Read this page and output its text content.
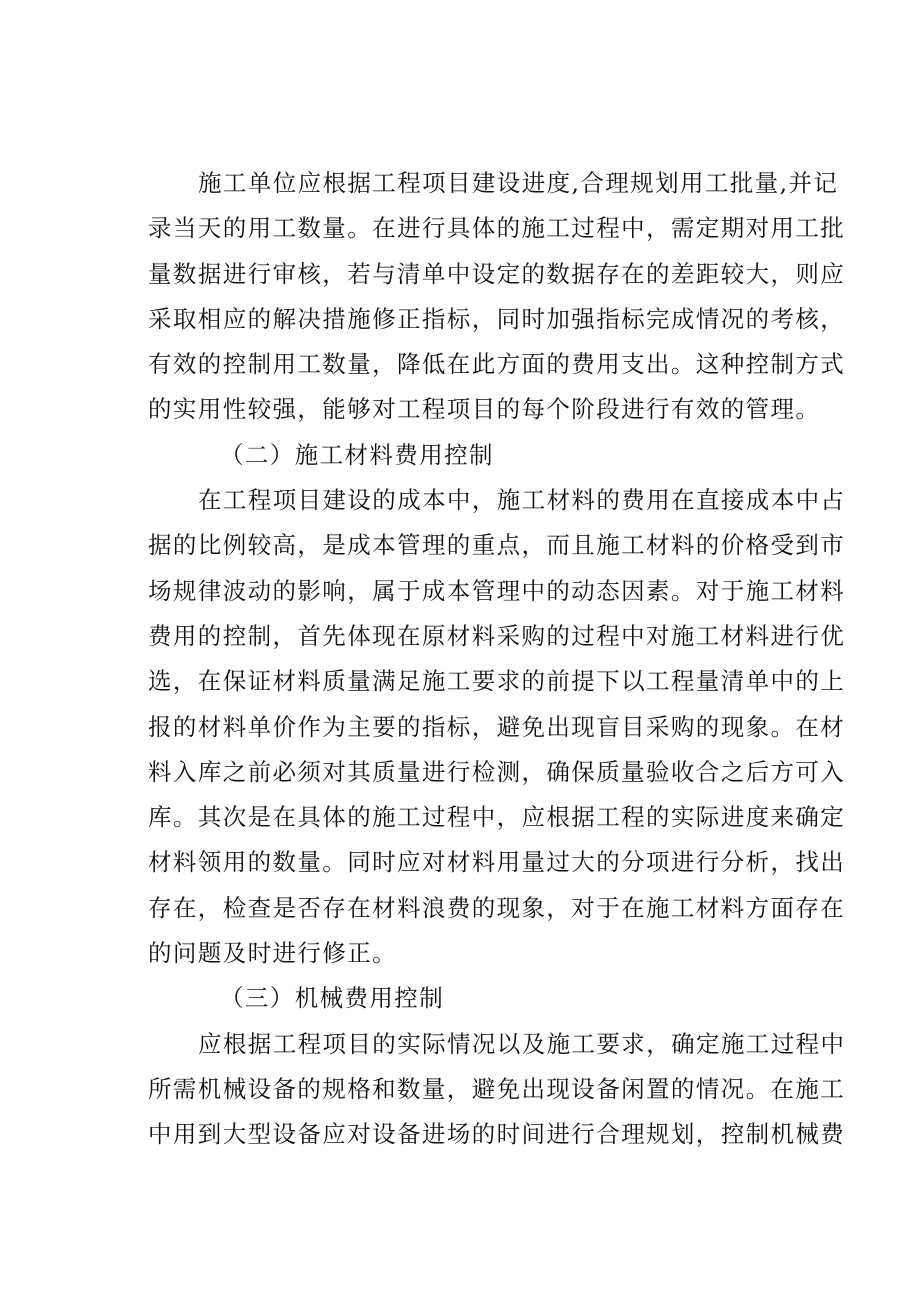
施工单位应根据工程项目建设进度,合理规划用工批量,并记
录当天的用工数量。在进行具体的施工过程中，需定期对用工批
量数据进行审核，若与清单中设定的数据存在的差距较大，则应
采取相应的解决措施修正指标，同时加强指标完成情况的考核，
有效的控制用工数量，降低在此方面的费用支出。这种控制方式
的实用性较强，能够对工程项目的每个阶段进行有效的管理。
（二）施工材料费用控制
在工程项目建设的成本中，施工材料的费用在直接成本中占
据的比例较高，是成本管理的重点，而且施工材料的价格受到市
场规律波动的影响，属于成本管理中的动态因素。对于施工材料
费用的控制，首先体现在原材料采购的过程中对施工材料进行优
选，在保证材料质量满足施工要求的前提下以工程量清单中的上
报的材料单价作为主要的指标，避免出现盲目采购的现象。在材
料入库之前必须对其质量进行检测，确保质量验收合之后方可入
库。其次是在具体的施工过程中，应根据工程的实际进度来确定
材料领用的数量。同时应对材料用量过大的分项进行分析，找出
存在，检查是否存在材料浪费的现象，对于在施工材料方面存在
的问题及时进行修正。
（三）机械费用控制
应根据工程项目的实际情况以及施工要求，确定施工过程中
所需机械设备的规格和数量，避免出现设备闲置的情况。在施工
中用到大型设备应对设备进场的时间进行合理规划，控制机械费
